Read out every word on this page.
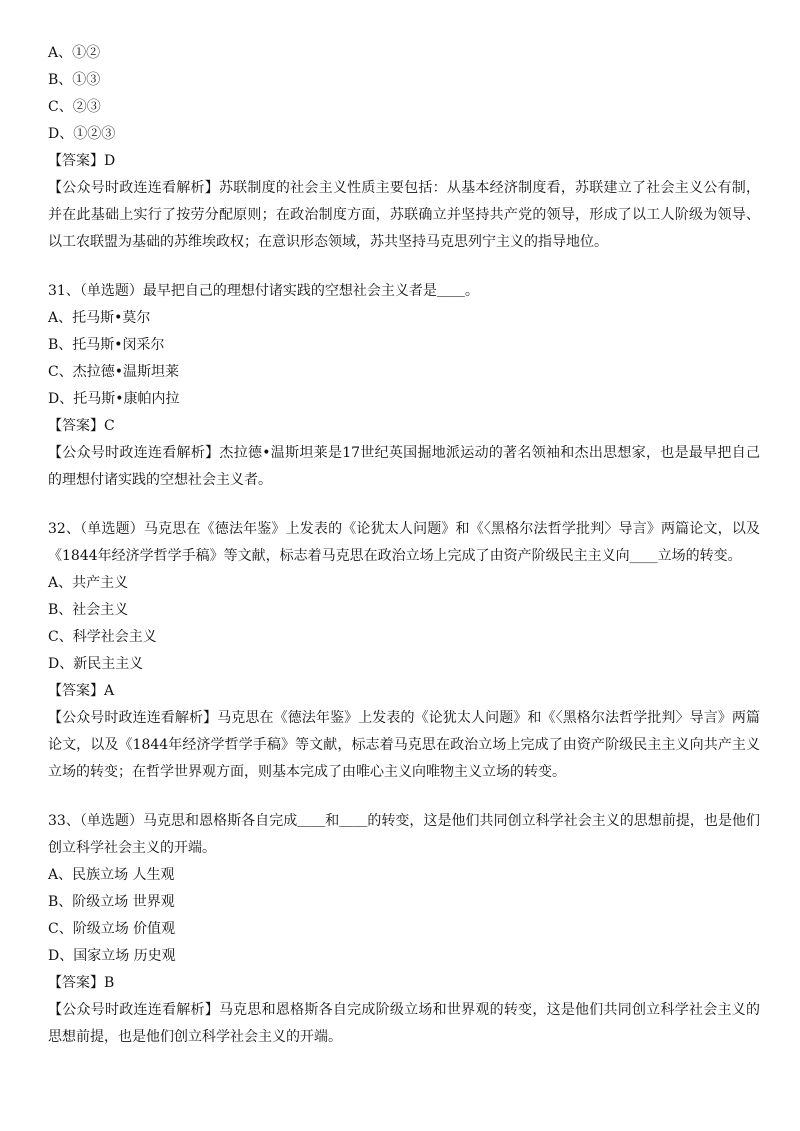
A、①②
B、①③
C、②③
D、①②③
【答案】D
【公众号时政连连看解析】苏联制度的社会主义性质主要包括：从基本经济制度看，苏联建立了社会主义公有制，并在此基础上实行了按劳分配原则；在政治制度方面，苏联确立并坚持共产党的领导，形成了以工人阶级为领导、以工农联盟为基础的苏维埃政权；在意识形态领域，苏共坚持马克思列宁主义的指导地位。
31、（单选题）最早把自己的理想付诸实践的空想社会主义者是＿＿。
A、托马斯•莫尔
B、托马斯•闵采尔
C、杰拉德•温斯坦莱
D、托马斯•康帕内拉
【答案】C
【公众号时政连连看解析】杰拉德•温斯坦莱是17世纪英国掘地派运动的著名领袖和杰出思想家，也是最早把自己的理想付诸实践的空想社会主义者。
32、（单选题）马克思在《德法年鉴》上发表的《论犹太人问题》和《〈黑格尔法哲学批判〉导言》两篇论文，以及《1844年经济学哲学手稿》等文献，标志着马克思在政治立场上完成了由资产阶级民主主义向____立场的转变。
A、共产主义
B、社会主义
C、科学社会主义
D、新民主主义
【答案】A
【公众号时政连连看解析】马克思在《德法年鉴》上发表的《论犹太人问题》和《〈黑格尔法哲学批判〉导言》两篇论文，以及《1844年经济学哲学手稿》等文献，标志着马克思在政治立场上完成了由资产阶级民主主义向共产主义立场的转变；在哲学世界观方面，则基本完成了由唯心主义向唯物主义立场的转变。
33、（单选题）马克思和恩格斯各自完成＿＿和＿＿的转变，这是他们共同创立科学社会主义的思想前提，也是他们创立科学社会主义的开端。
A、民族立场 人生观
B、阶级立场 世界观
C、阶级立场 价值观
D、国家立场 历史观
【答案】B
【公众号时政连连看解析】马克思和恩格斯各自完成阶级立场和世界观的转变，这是他们共同创立科学社会主义的思想前提，也是他们创立科学社会主义的开端。
